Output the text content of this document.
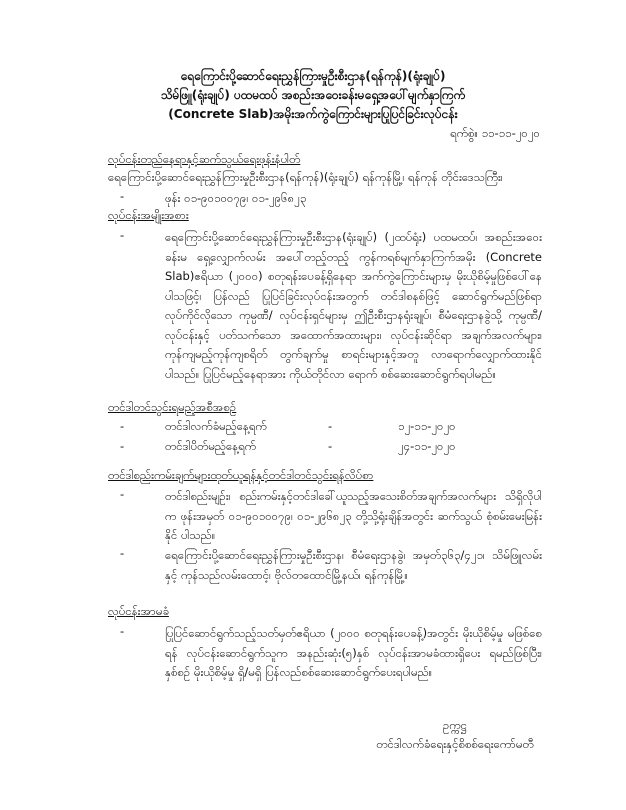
ရေကြောင်းပို့ဆောင်ရေးညွှန်ကြားမှုဦးစီးဌာန(ရန်ကုန်)(ရုံးချုပ်)
သိမ်ဖြူ(ရုံးချုပ်) ပထမထပ် အစည်းအဝေးခန်းမရှေ့အပေါ်မျက်နှာကြက်
(Concrete Slab)အမိုးအက်ကွဲကြောင်းများပြုပြင်ခြင်းလုပ်ငန်း
ရက်စွဲ။ ၁၁-၁၁-၂၀၂၀
လုပ်ငန်းတည်နေရာနှင့်ဆက်သွယ်ရေးဖုန်းနံပါတ်
ရေကြောင်းပို့ဆောင်ရေးညွှန်ကြားမှုဦးစီးဌာန(ရန်ကုန်)(ရုံးချုပ်) ရန်ကုန်မြို့၊ ရန်ကုန် တိုင်းဒေသကြီး၊
-	ဖုန်း ၀၁-၉၀၁၀၀၇၉၊ ၀၁-၂၉၆၈၂၃
လုပ်ငန်းအမျိုးအစား
-	ရေကြောင်းပို့ဆောင်ရေးညွှန်ကြားမှုဦးစီးဌာန(ရုံးချုပ်) (၂ထပ်ရုံး) ပထမထပ်၊ အစည်းအဝေးခန်းမ ရှေ့လျှောက်လမ်း အပေါ်တည့်တည့် ကွန်ကရစ်မျက်နှာကြက်အမိုး (Concrete Slab)ဧရိယာ (၂၀၀၀) စတုရန်းပေခန့်ရှိနေရာ အက်ကွဲကြောင်းများမှ မိုးယိုစိမ့်မှုဖြစ်ပေါ်နေပါသဖြင့်၊ ပြန်လည် ပြုပြင်ခြင်းလုပ်ငန်းအတွက် တင်ဒါစနစ်ဖြင့် ဆောင်ရွက်မည်ဖြစ်ရာ လုပ်ကိုင်လိုသော ကုမ္ပဏီ/ လုပ်ငန်းရှင်များမှ ဤဦးစီးဌာနရုံးချုပ်၊ စီမံရေးဌာနခွဲသို့ ကုမ္ပဏီ/လုပ်ငန်းနှင့် ပတ်သက်သော အထောက်အထားများ၊ လုပ်ငန်းဆိုင်ရာ အချက်အလက်များ၊ကုန်ကျမည့်ကုန်ကျစရိတ် တွက်ချက်မှု စာရင်းများနှင့်အတူ လာရောက်လျှောက်ထားနိုင်ပါသည်။ ပြုပြင်မည့်နေရာအား ကိုယ်တိုင်လာ ရောက် စစ်ဆေးဆောင်ရွက်ရပါမည်။
တင်ဒါတင်သွင်းရမည့်အစီအစဉ်
-	တင်ဒါလက်ခံမည့်နေ့ရက်	-	၁၂-၁၁-၂၀၂၀
-	တင်ဒါပိတ်မည့်နေ့ရက်	-	၂၄-၁၁-၂၀၂၀
တင်ဒါစည်းကမ်းချက်များထုတ်ယူရန်နှင့်တင်ဒါတင်သွင်းရန်လိပ်စာ
-	တင်ဒါစည်းမျဉ်း၊ စည်းကမ်းနှင့်တင်ဒါခေါ်ယူသည့်အသေးစိတ်အချက်အလက်များ သိရှိလိုပါက ဖုန်းအမှတ် ၀၁-၉၀၁၀၀၇၉၊ ၀၁-၂၉၆၈၂၃ တို့သို့ရုံးချိန်အတွင်း ဆက်သွယ် စုံစမ်းမေးမြန်းနိုင် ပါသည်။
-	ရေကြောင်းပို့ဆောင်ရေးညွှန်ကြားမှုဦးစီးဌာန၊ စီမံရေးဌာနခွဲ၊ အမှတ်၃၆၃/၄၂၁၊ သိမ်ဖြူလမ်းနှင့် ကုန်သည်လမ်းထောင့်၊ ဗိုလ်တထောင်မြို့နယ်၊ ရန်ကုန်မြို့။
လုပ်ငန်းအာမခံ
-	ပြုပြင်ဆောင်ရွက်သည့်သတ်မှတ်ဧရိယာ (၂၀၀၀ စတုရန်းပေခန့်)အတွင်း မိုးယိုစိမ့်မှု မဖြစ်စေရန် လုပ်ငန်းဆောင်ရွက်သူက အနည်းဆုံး(၅)နှစ် လုပ်ငန်းအာမခံထားရှိပေး ရမည်ဖြစ်ပြီး၊ နှစ်စဉ် မိုးယိုစိမ့်မှု ရှိ/မရှိ ပြန်လည်စစ်ဆေးဆောင်ရွက်ပေးရပါမည်။
ဥက္ကဋ္ဌ
တင်ဒါလက်ခံရေးနှင့်စိစစ်ရေးကော်မတီ
